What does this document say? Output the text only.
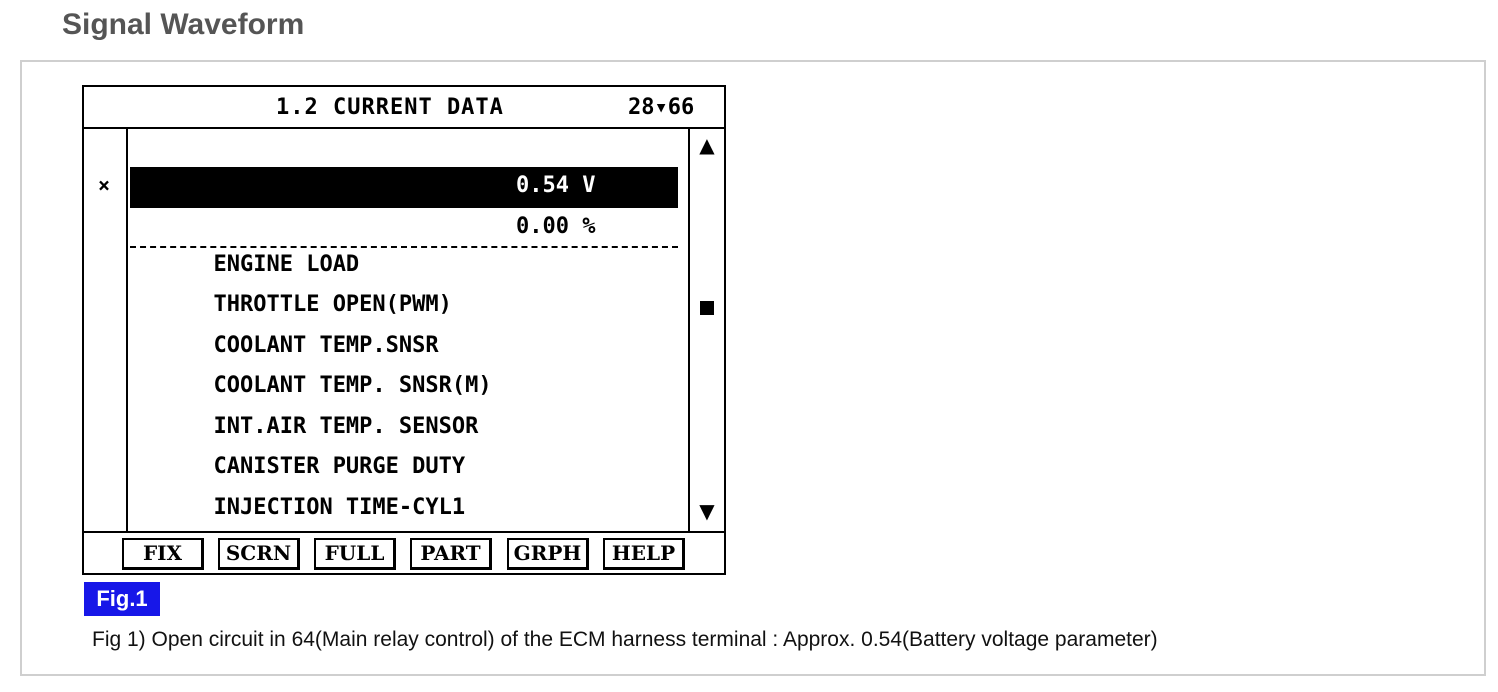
Signal Waveform
1.2 CURRENT DATA	28▾66
×

BATTERY VOLTAGE

0.54 V

ENGINE LOAD

0.00 %

THROTTLE OPEN(PWM)

COOLANT TEMP.SNSR

COOLANT TEMP. SNSR(M)

INT.AIR TEMP. SENSOR

CANISTER PURGE DUTY

INJECTION TIME-CYL1

▲
▼
FIX	SCRN	FULL	PART	GRPH	HELP
Fig.1
Fig 1) Open circuit in 64(Main relay control) of the ECM harness terminal : Approx. 0.54(Battery voltage parameter)
